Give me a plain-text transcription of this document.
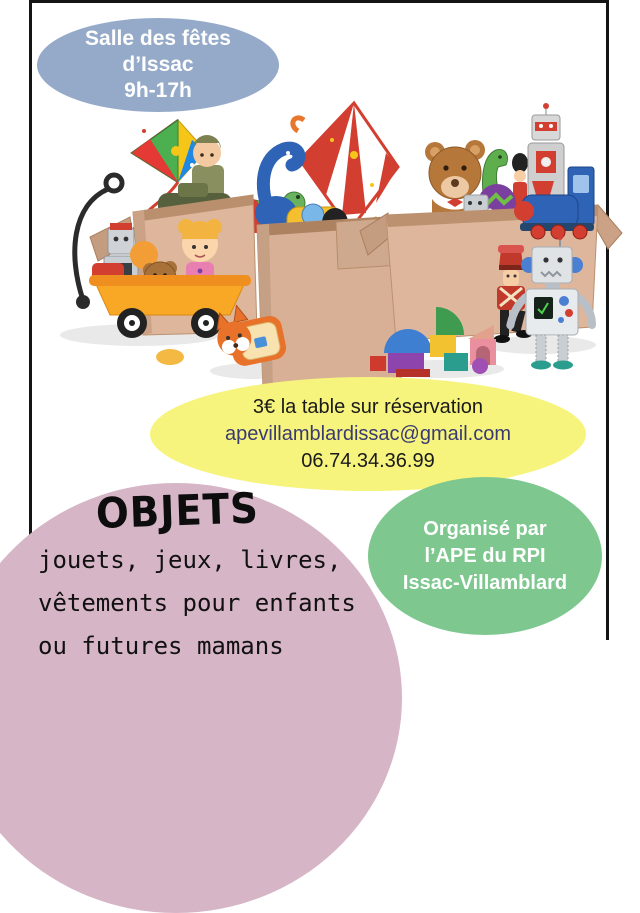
Salle des fêtes
d’Issac
9h-17h
3€ la table sur réservation
apevillamblardissac@gmail.com
06.74.34.36.99
OBJETS
jouets, jeux, livres,
vêtements pour enfants
ou futures mamans
Organisé par
l’APE du RPI
Issac-Villamblard
